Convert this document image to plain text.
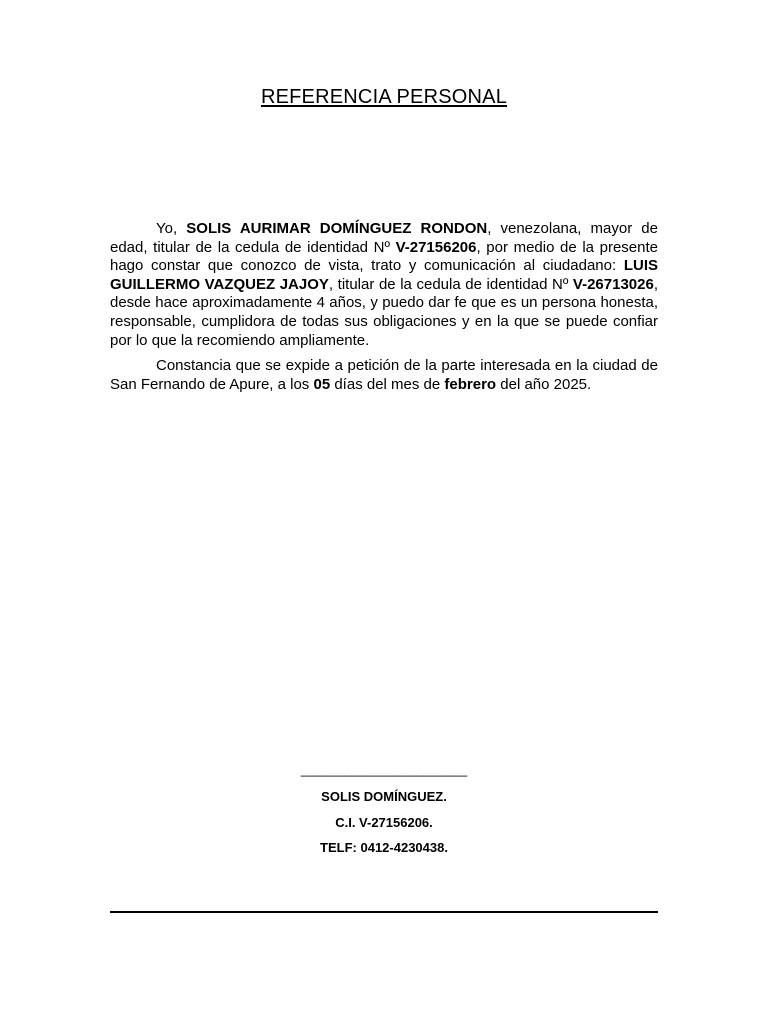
REFERENCIA PERSONAL

Yo, SOLIS AURIMAR DOMÍNGUEZ RONDON, venezolana, mayor de edad, titular de la cedula de identidad Nº V-27156206, por medio de la presente hago constar que conozco de vista, trato y comunicación al ciudadano: LUIS GUILLERMO VAZQUEZ JAJOY, titular de la cedula de identidad Nº V-26713026, desde hace aproximadamente 4 años, y puedo dar fe que es un persona honesta, responsable, cumplidora de todas sus obligaciones y en la que se puede confiar por lo que la recomiendo ampliamente.

Constancia que se expide a petición de la parte interesada en la ciudad de San Fernando de Apure, a los 05 días del mes de febrero del año 2025.

_______________________
SOLIS DOMÍNGUEZ.
C.I. V-27156206.
TELF: 0412-4230438.
